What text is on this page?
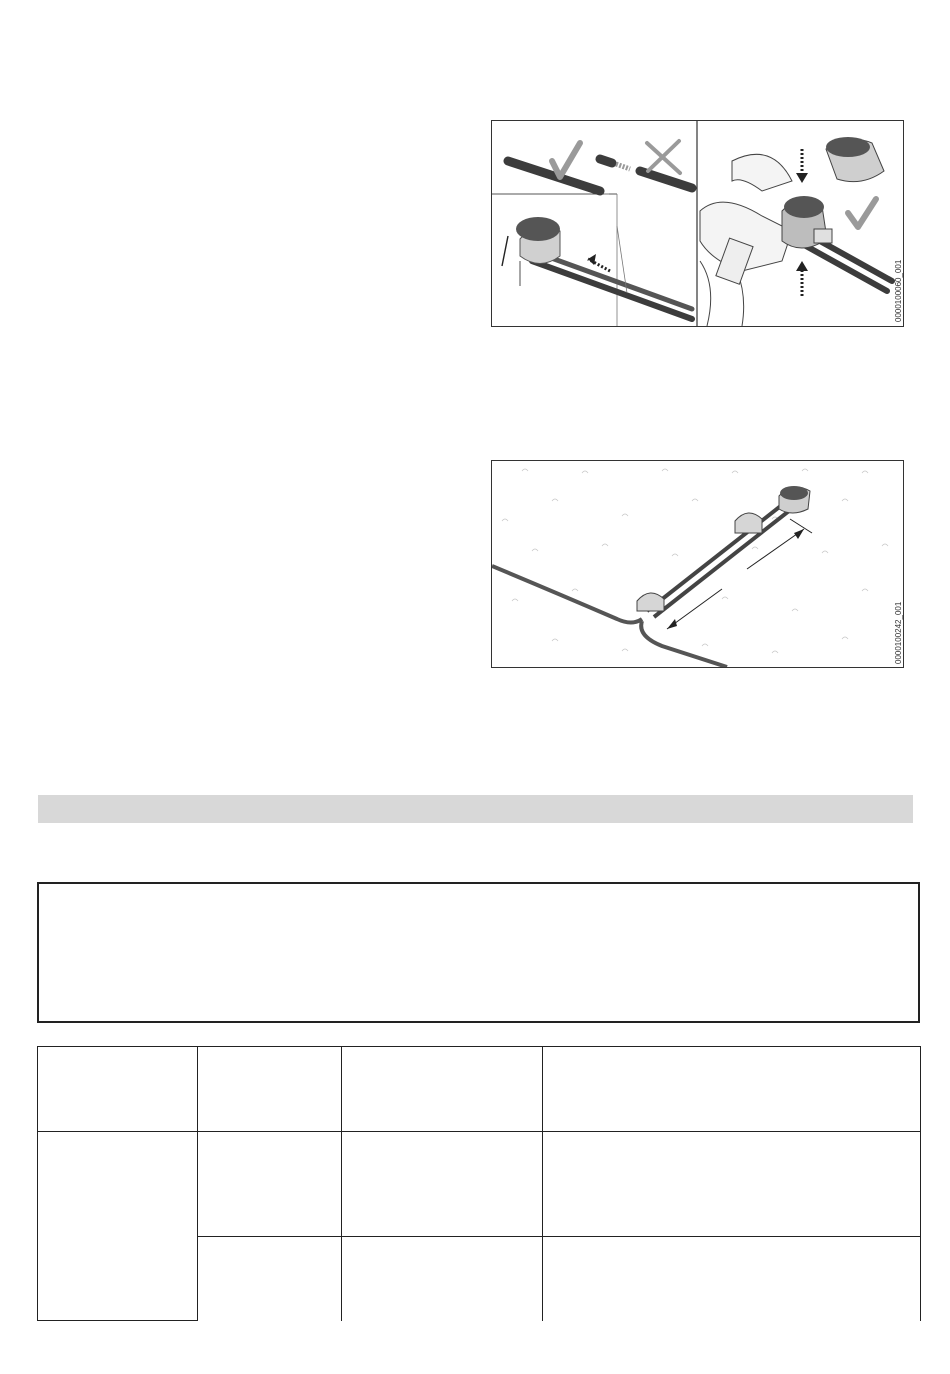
0000100060_001
0000100242_001
